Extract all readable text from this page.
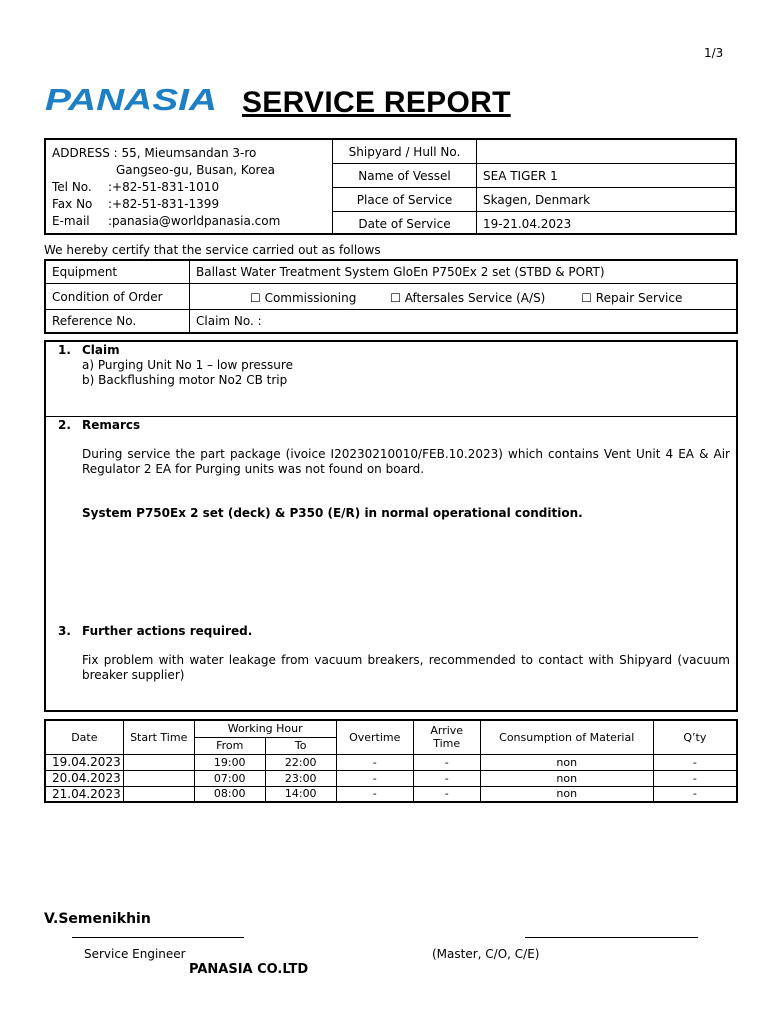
1/3
PANASIA SERVICE REPORT
ADDRESS : 55, Mieumsandan 3-ro
Gangseo-gu, Busan, Korea
Tel No.	: +82-51-831-1010
Fax No	: +82-51-831-1399
E-mail	: panasia@worldpanasia.com
Shipyard / Hull No.	
Name of Vessel	SEA TIGER 1
Place of Service	Skagen, Denmark
Date of Service	19-21.04.2023
We hereby certify that the service carried out as follows
Equipment	Ballast Water Treatment System GloEn P750Ex 2 set (STBD & PORT)
Condition of Order	☐ Commissioning ☐ Aftersales Service (A/S) ☐ Repair Service
Reference No.	Claim No. :
1. Claim
a) Purging Unit No 1 – low pressure
b) Backflushing motor No2 CB trip
2. Remarcs
During service the part package (ivoice I20230210010/FEB.10.2023) which contains Vent Unit 4 EA & Air Regulator 2 EA for Purging units was not found on board.
System P750Ex 2 set (deck) & P350 (E/R) in normal operational condition.
3. Further actions required.
Fix problem with water leakage from vacuum breakers, recommended to contact with Shipyard (vacuum breaker supplier)
Date	Start Time	Working Hour		Overtime	Arrive Time	Consumption of Material	Q’ty
		From	To				
19.04.2023		19:00	22:00	-	-	non	-
20.04.2023		07:00	23:00	-	-	non	-
21.04.2023		08:00	14:00	-	-	non	-
V.Semenikhin
Service Engineer	(Master, C/O, C/E)
PANASIA CO.LTD
